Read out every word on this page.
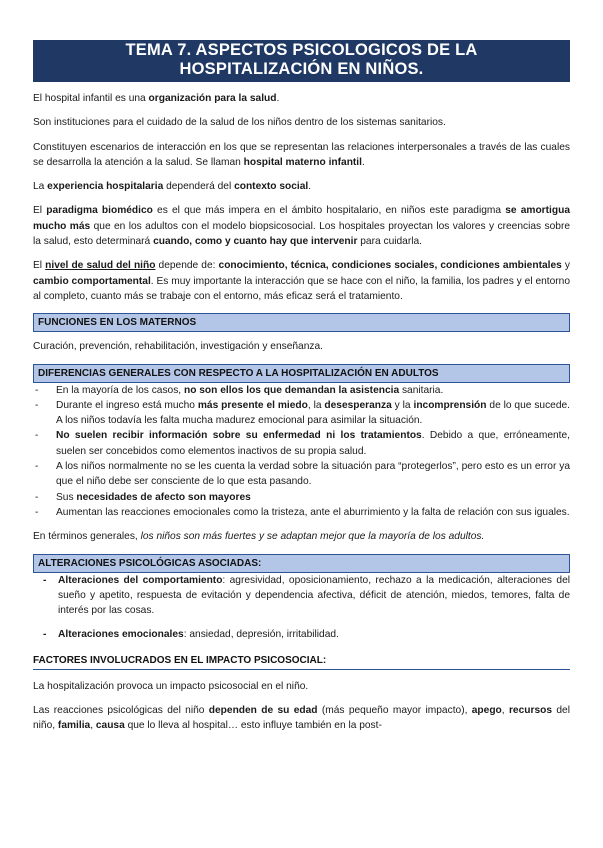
TEMA 7. ASPECTOS PSICOLOGICOS DE LA
HOSPITALIZACIÓN EN NIÑOS.

El hospital infantil es una organización para la salud.

Son instituciones para el cuidado de la salud de los niños dentro de los sistemas sanitarios.

Constituyen escenarios de interacción en los que se representan las relaciones interpersonales a través de las cuales se desarrolla la atención a la salud. Se llaman hospital materno infantil.

La experiencia hospitalaria dependerá del contexto social.

El paradigma biomédico es el que más impera en el ámbito hospitalario, en niños este paradigma se amortigua mucho más que en los adultos con el modelo biopsicosocial. Los hospitales proyectan los valores y creencias sobre la salud, esto determinará cuando, como y cuanto hay que intervenir para cuidarla.

El nivel de salud del niño depende de: conocimiento, técnica, condiciones sociales, condiciones ambientales y cambio comportamental. Es muy importante la interacción que se hace con el niño, la familia, los padres y el entorno al completo, cuanto más se trabaje con el entorno, más eficaz será el tratamiento.

FUNCIONES EN LOS MATERNOS

Curación, prevención, rehabilitación, investigación y enseñanza.

DIFERENCIAS GENERALES CON RESPECTO A LA HOSPITALIZACIÓN EN ADULTOS
- En la mayoría de los casos, no son ellos los que demandan la asistencia sanitaria.
- Durante el ingreso está mucho más presente el miedo, la desesperanza y la incomprensión de lo que sucede. A los niños todavía les falta mucha madurez emocional para asimilar la situación.
- No suelen recibir información sobre su enfermedad ni los tratamientos. Debido a que, erróneamente, suelen ser concebidos como elementos inactivos de su propia salud.
- A los niños normalmente no se les cuenta la verdad sobre la situación para “protegerlos”, pero esto es un error ya que el niño debe ser consciente de lo que esta pasando.
- Sus necesidades de afecto son mayores
- Aumentan las reacciones emocionales como la tristeza, ante el aburrimiento y la falta de relación con sus iguales.

En términos generales, los niños son más fuertes y se adaptan mejor que la mayoría de los adultos.

ALTERACIONES PSICOLÓGICAS ASOCIADAS:
- Alteraciones del comportamiento: agresividad, oposicionamiento, rechazo a la medicación, alteraciones del sueño y apetito, respuesta de evitación y dependencia afectiva, déficit de atención, miedos, temores, falta de interés por las cosas.
- Alteraciones emocionales: ansiedad, depresión, irritabilidad.
FACTORES INVOLUCRADOS EN EL IMPACTO PSICOSOCIAL:

La hospitalización provoca un impacto psicosocial en el niño.

Las reacciones psicológicas del niño dependen de su edad (más pequeño mayor impacto), apego, recursos del niño, familia, causa que lo lleva al hospital… esto influye también en la post-
